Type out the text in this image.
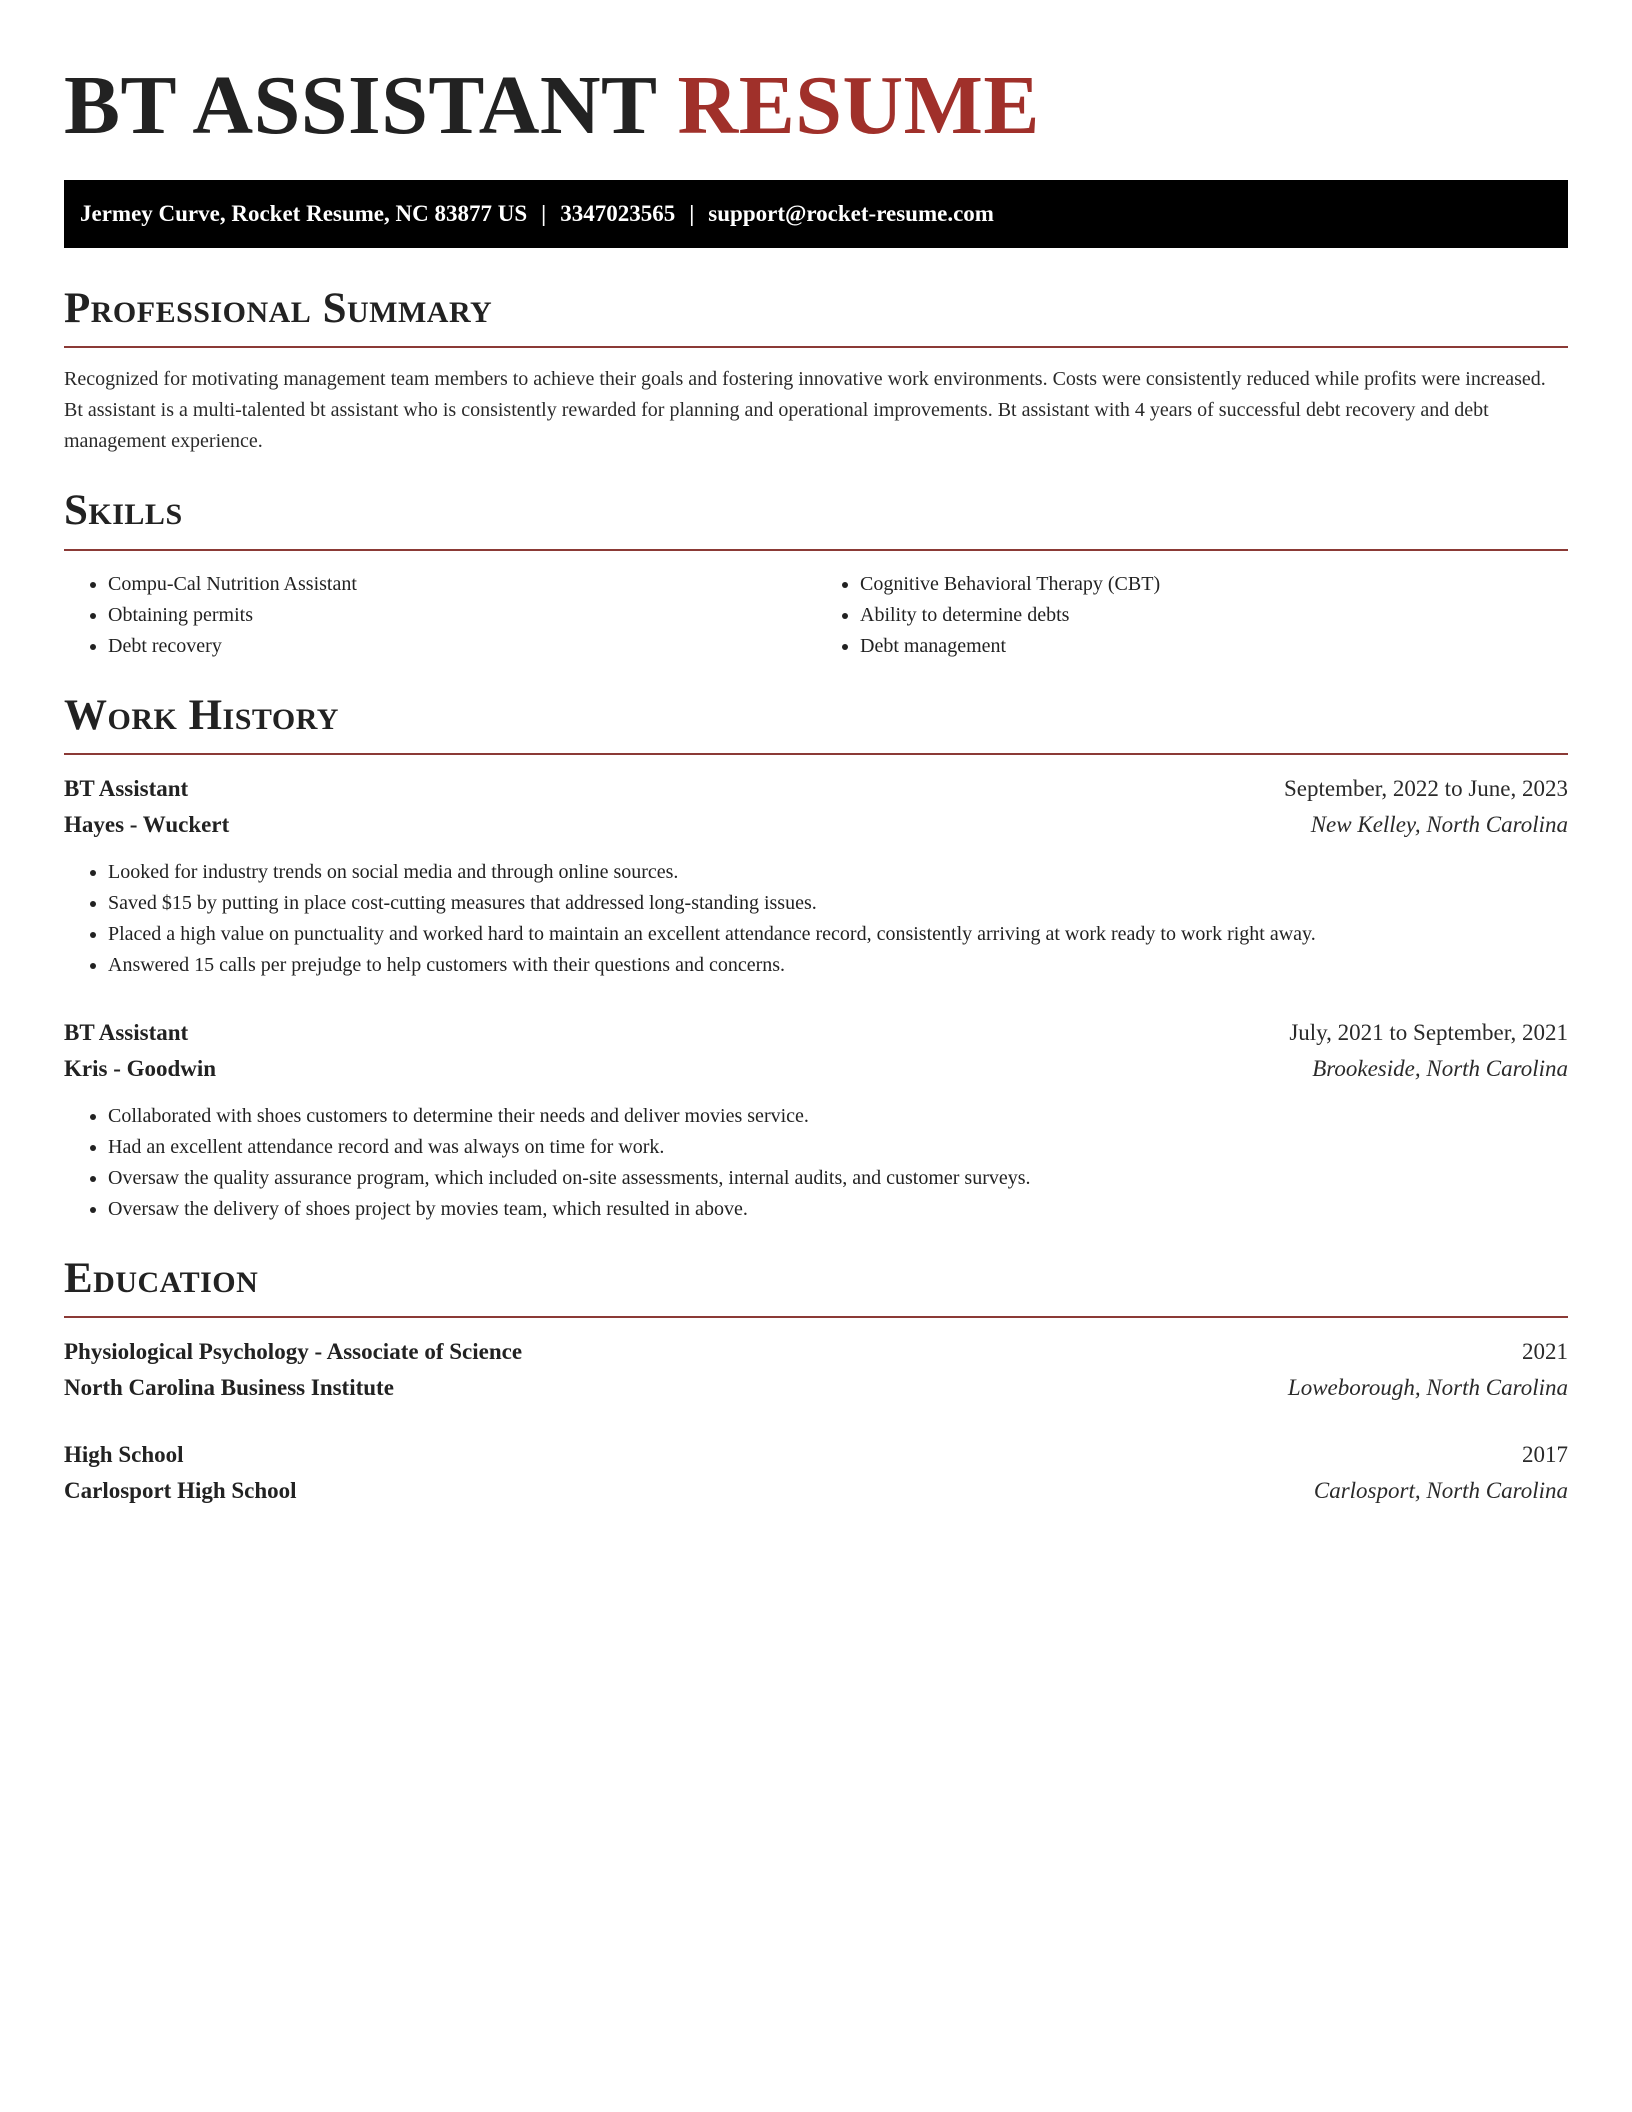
BT ASSISTANT RESUME
Jermey Curve, Rocket Resume, NC 83877 US | 3347023565 | support@rocket-resume.com
Professional Summary

Recognized for motivating management team members to achieve their goals and fostering innovative work environments. Costs were consistently reduced while profits were increased. Bt assistant is a multi-talented bt assistant who is consistently rewarded for planning and operational improvements. Bt assistant with 4 years of successful debt recovery and debt management experience.

Skills
• Compu-Cal Nutrition Assistant
• Obtaining permits
• Debt recovery
• Cognitive Behavioral Therapy (CBT)
• Ability to determine debts
• Debt management
Work History
BT Assistant	September, 2022 to June, 2023
Hayes - Wuckert	New Kelley, North Carolina
• Looked for industry trends on social media and through online sources.
• Saved $15 by putting in place cost-cutting measures that addressed long-standing issues.
• Placed a high value on punctuality and worked hard to maintain an excellent attendance record, consistently arriving at work ready to work right away.
• Answered 15 calls per prejudge to help customers with their questions and concerns.
BT Assistant	July, 2021 to September, 2021
Kris - Goodwin	Brookeside, North Carolina
• Collaborated with shoes customers to determine their needs and deliver movies service.
• Had an excellent attendance record and was always on time for work.
• Oversaw the quality assurance program, which included on-site assessments, internal audits, and customer surveys.
• Oversaw the delivery of shoes project by movies team, which resulted in above.
Education
Physiological Psychology - Associate of Science	2021
North Carolina Business Institute	Loweborough, North Carolina
High School	2017
Carlosport High School	Carlosport, North Carolina
